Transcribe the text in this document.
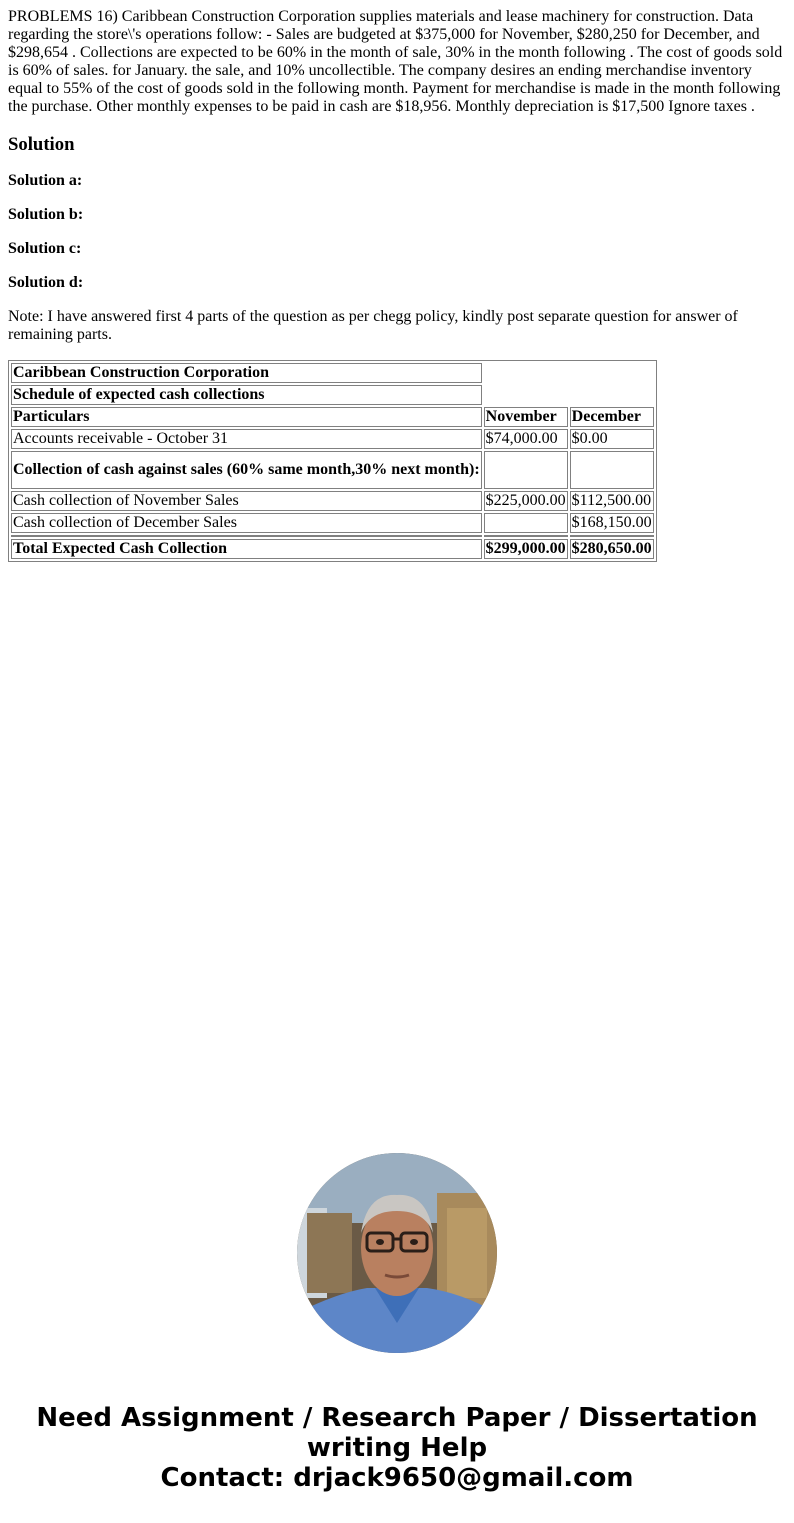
PROBLEMS 16) Caribbean Construction Corporation supplies materials and lease machinery for construction. Data regarding the store\'s operations follow: - Sales are budgeted at $375,000 for November, $280,250 for December, and $298,654 . Collections are expected to be 60% in the month of sale, 30% in the month following . The cost of goods sold is 60% of sales. for January. the sale, and 10% uncollectible. The company desires an ending merchandise inventory equal to 55% of the cost of goods sold in the following month. Payment for merchandise is made in the month following the purchase. Other monthly expenses to be paid in cash are $18,956. Monthly depreciation is $17,500 Ignore taxes .

Solution

Solution a:

Solution b:

Solution c:

Solution d:

Note: I have answered first 4 parts of the question as per chegg policy, kindly post separate question for answer of remaining parts.

Caribbean Construction Corporation		
Schedule of expected cash collections		
Particulars	November	December
Accounts receivable - October 31	$74,000.00	$0.00
Collection of cash against sales (60% same month,30% next month):		
Cash collection of November Sales	$225,000.00	$112,500.00
Cash collection of December Sales		$168,150.00

Total Expected Cash Collection	$299,000.00	$280,650.00
Need Assignment / Research Paper / Dissertation
writing Help
Contact: drjack9650@gmail.com
